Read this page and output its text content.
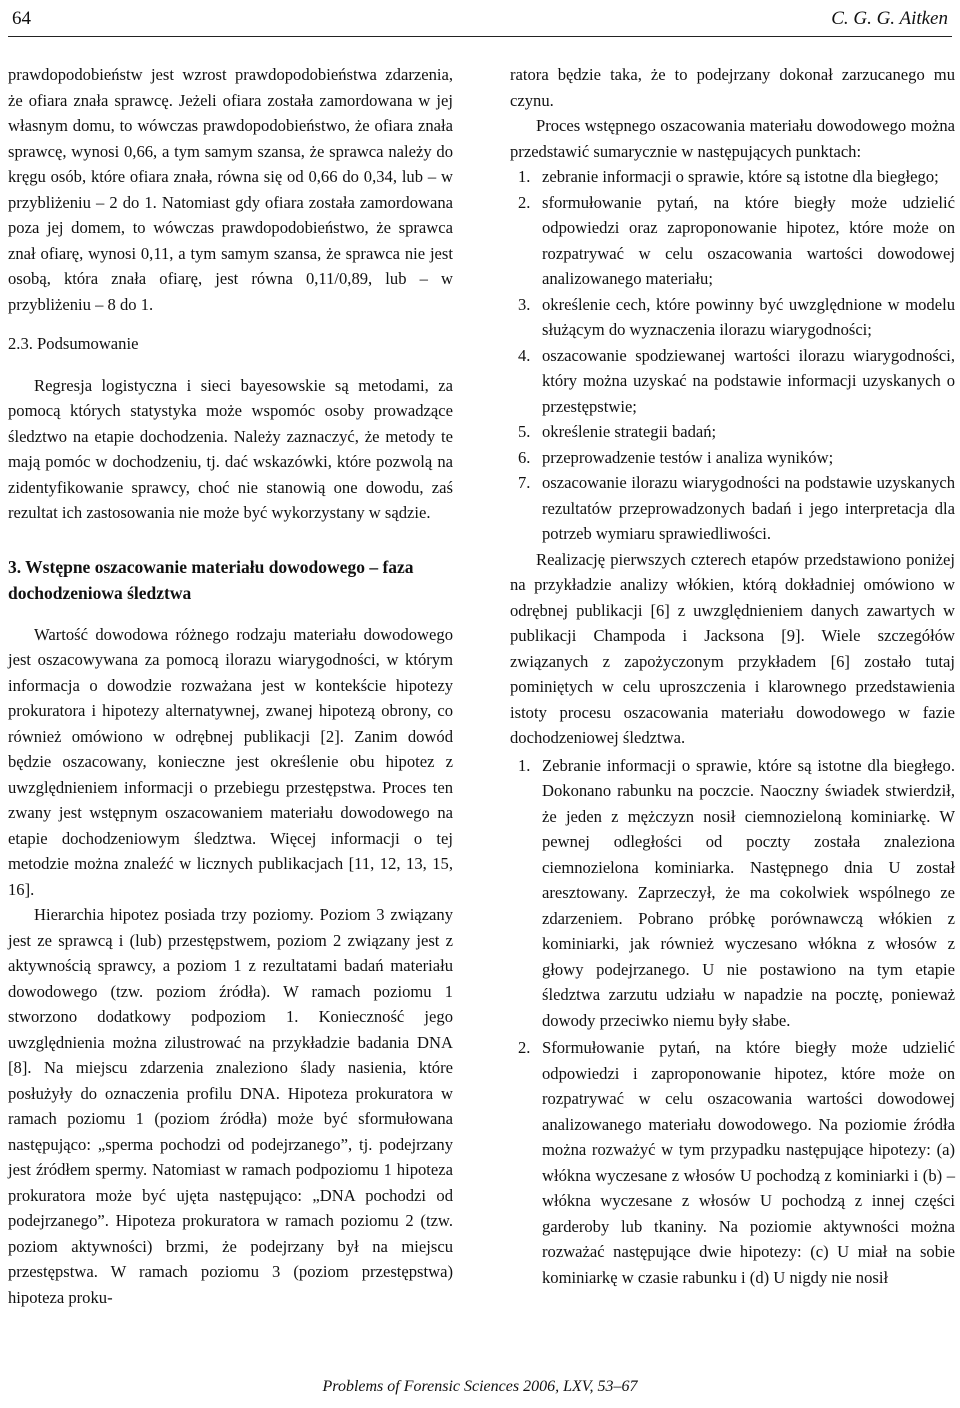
64	C. G. G. Aitken

prawdopodobieństw jest wzrost prawdopodobieństwa zdarzenia, że ofiara znała sprawcę. Jeżeli ofiara została zamordowana w jej własnym domu, to wówczas prawdopodobieństwo, że ofiara znała sprawcę, wynosi 0,66, a tym samym szansa, że sprawca należy do kręgu osób, które ofiara znała, równa się od 0,66 do 0,34, lub – w przybliżeniu – 2 do 1. Natomiast gdy ofiara została zamordowana poza jej domem, to wówczas prawdopodobieństwo, że sprawca znał ofiarę, wynosi 0,11, a tym samym szansa, że sprawca nie jest osobą, która znała ofiarę, jest równa 0,11/0,89, lub – w przybliżeniu – 8 do 1.

2.3. Podsumowanie

Regresja logistyczna i sieci bayesowskie są metodami, za pomocą których statystyka może wspomóc osoby prowadzące śledztwo na etapie dochodzenia. Należy zaznaczyć, że metody te mają pomóc w dochodzeniu, tj. dać wskazówki, które pozwolą na zidentyfikowanie sprawcy, choć nie stanowią one dowodu, zaś rezultat ich zastosowania nie może być wykorzystany w sądzie.

3. Wstępne oszacowanie materiału dowodowego – faza dochodzeniowa śledztwa

Wartość dowodowa różnego rodzaju materiału dowodowego jest oszacowywana za pomocą ilorazu wiarygodności, w którym informacja o dowodzie rozważana jest w kontekście hipotezy prokuratora i hipotezy alternatywnej, zwanej hipotezą obrony, co również omówiono w odrębnej publikacji [2]. Zanim dowód będzie oszacowany, konieczne jest określenie obu hipotez z uwzględnieniem informacji o przebiegu przestępstwa. Proces ten zwany jest wstępnym oszacowaniem materiału dowodowego na etapie dochodzeniowym śledztwa. Więcej informacji o tej metodzie można znaleźć w licznych publikacjach [11, 12, 13, 15, 16].

Hierarchia hipotez posiada trzy poziomy. Poziom 3 związany jest ze sprawcą i (lub) przestępstwem, poziom 2 związany jest z aktywnością sprawcy, a poziom 1 z rezultatami badań materiału dowodowego (tzw. poziom źródła). W ramach poziomu 1 stworzono dodatkowy podpoziom 1. Konieczność jego uwzględnienia można zilustrować na przykładzie badania DNA [8]. Na miejscu zdarzenia znaleziono ślady nasienia, które posłużyły do oznaczenia profilu DNA. Hipoteza prokuratora w ramach poziomu 1 (poziom źródła) może być sformułowana następująco: „sperma pochodzi od podejrzanego”, tj. podejrzany jest źródłem spermy. Natomiast w ramach podpoziomu 1 hipoteza prokuratora może być ujęta następująco: „DNA pochodzi od podejrzanego”. Hipoteza prokuratora w ramach poziomu 2 (tzw. poziom aktywności) brzmi, że podejrzany był na miejscu przestępstwa. W ramach poziomu 3 (poziom przestępstwa) hipoteza proku-

ratora będzie taka, że to podejrzany dokonał zarzucanego mu czynu.

Proces wstępnego oszacowania materiału dowodowego można przedstawić sumarycznie w następujących punktach:

1. zebranie informacji o sprawie, które są istotne dla biegłego;
2. sformułowanie pytań, na które biegły może udzielić odpowiedzi oraz zaproponowanie hipotez, które może on rozpatrywać w celu oszacowania wartości dowodowej analizowanego materiału;
3. określenie cech, które powinny być uwzględnione w modelu służącym do wyznaczenia ilorazu wiarygodności;
4. oszacowanie spodziewanej wartości ilorazu wiarygodności, który można uzyskać na podstawie informacji uzyskanych o przestępstwie;
5. określenie strategii badań;
6. przeprowadzenie testów i analiza wyników;
7. oszacowanie ilorazu wiarygodności na podstawie uzyskanych rezultatów przeprowadzonych badań i jego interpretacja dla potrzeb wymiaru sprawiedliwości.

Realizację pierwszych czterech etapów przedstawiono poniżej na przykładzie analizy włókien, którą dokładniej omówiono w odrębnej publikacji [6] z uwzględnieniem danych zawartych w publikacji Champoda i Jacksona [9]. Wiele szczegółów związanych z zapożyczonym przykładem [6] zostało tutaj pominiętych w celu uproszczenia i klarownego przedstawienia istoty procesu oszacowania materiału dowodowego w fazie dochodzeniowej śledztwa.

1. Zebranie informacji o sprawie, które są istotne dla biegłego. Dokonano rabunku na poczcie. Naoczny świadek stwierdził, że jeden z mężczyzn nosił ciemnozieloną kominiarkę. W pewnej odległości od poczty została znaleziona ciemnozielona kominiarka. Następnego dnia U został aresztowany. Zaprzeczył, że ma cokolwiek wspólnego ze zdarzeniem. Pobrano próbkę porównawczą włókien z kominiarki, jak również wyczesano włókna z włosów z głowy podejrzanego. U nie postawiono na tym etapie śledztwa zarzutu udziału w napadzie na pocztę, ponieważ dowody przeciwko niemu były słabe.
2. Sformułowanie pytań, na które biegły może udzielić odpowiedzi i zaproponowanie hipotez, które może on rozpatrywać w celu oszacowania wartości dowodowej analizowanego materiału dowodowego. Na poziomie źródła można rozważyć w tym przypadku następujące hipotezy: (a) włókna wyczesane z włosów U pochodzą z kominiarki i (b) – włókna wyczesane z włosów U pochodzą z innej części garderoby lub tkaniny. Na poziomie aktywności można rozważać następujące dwie hipotezy: (c) U miał na sobie kominiarkę w czasie rabunku i (d) U nigdy nie nosił
Problems of Forensic Sciences 2006, LXV, 53–67
